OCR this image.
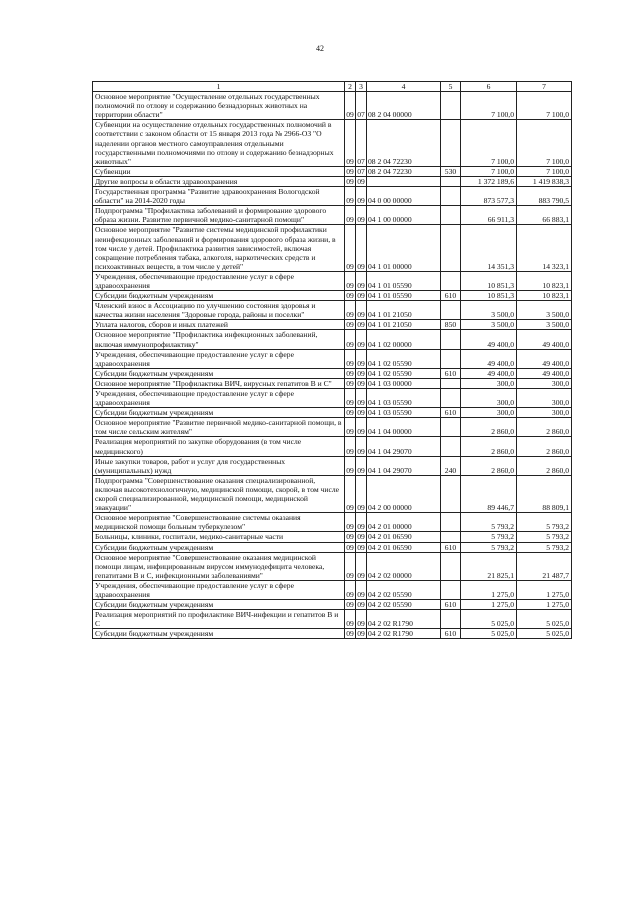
42
1	2	3	4	5	6	7
Основное мероприятие "Осуществление отдельных государственных полномочий по отлову и содержанию безнадзорных животных на территории области"	09	07	08 2 04 00000		7 100,0	7 100,0
Субвенции на осуществление отдельных государственных полномочий в соответствии с законом области от 15 января 2013 года № 2966-ОЗ "О наделении органов местного самоуправления отдельными государственными полномочиями по отлову и содержанию безнадзорных животных"	09	07	08 2 04 72230		7 100,0	7 100,0
Субвенции	09	07	08 2 04 72230	530	7 100,0	7 100,0
Другие вопросы в области здравоохранения	09	09			1 372 189,6	1 419 838,3
Государственная программа "Развитие здравоохранения Вологодской области" на 2014-2020 годы	09	09	04 0 00 00000		873 577,3	883 790,5
Подпрограмма "Профилактика заболеваний и формирование здорового образа жизни. Развитие первичной медико-санитарной помощи"	09	09	04 1 00 00000		66 911,3	66 883,1
Основное мероприятие "Развитие системы медицинской профилактики неинфекционных заболеваний и формирования здорового образа жизни, в том числе у детей. Профилактика развития зависимостей, включая сокращение потребления табака, алкоголя, наркотических средств и психоактивных веществ, в том числе у детей"	09	09	04 1 01 00000		14 351,3	14 323,1
Учреждения, обеспечивающие предоставление услуг в сфере здравоохранения	09	09	04 1 01 05590		10 851,3	10 823,1
Субсидии бюджетным учреждениям	09	09	04 1 01 05590	610	10 851,3	10 823,1
Членский взнос в Ассоциацию по улучшению состояния здоровья и качества жизни населения "Здоровые города, районы и поселки"	09	09	04 1 01 21050		3 500,0	3 500,0
Уплата налогов, сборов и иных платежей	09	09	04 1 01 21050	850	3 500,0	3 500,0
Основное мероприятие "Профилактика инфекционных заболеваний, включая иммунопрофилактику"	09	09	04 1 02 00000		49 400,0	49 400,0
Учреждения, обеспечивающие предоставление услуг в сфере здравоохранения	09	09	04 1 02 05590		49 400,0	49 400,0
Субсидии бюджетным учреждениям	09	09	04 1 02 05590	610	49 400,0	49 400,0
Основное мероприятие "Профилактика ВИЧ, вирусных гепатитов В и С"	09	09	04 1 03 00000		300,0	300,0
Учреждения, обеспечивающие предоставление услуг в сфере здравоохранения	09	09	04 1 03 05590		300,0	300,0
Субсидии бюджетным учреждениям	09	09	04 1 03 05590	610	300,0	300,0
Основное мероприятие "Развитие первичной медико-санитарной помощи, в том числе сельским жителям"	09	09	04 1 04 00000		2 860,0	2 860,0
Реализация мероприятий по закупке оборудования (в том числе медицинского)	09	09	04 1 04 29070		2 860,0	2 860,0
Иные закупки товаров, работ и услуг для государственных (муниципальных) нужд	09	09	04 1 04 29070	240	2 860,0	2 860,0
Подпрограмма "Совершенствование оказания специализированной, включая высокотехнологичную, медицинской помощи, скорой, в том числе скорой специализированной, медицинской помощи, медицинской эвакуации"	09	09	04 2 00 00000		89 446,7	88 809,1
Основное мероприятие "Совершенствование системы оказания медицинской помощи больным туберкулезом"	09	09	04 2 01 00000		5 793,2	5 793,2
Больницы, клиники, госпитали, медико-санитарные части	09	09	04 2 01 06590		5 793,2	5 793,2
Субсидии бюджетным учреждениям	09	09	04 2 01 06590	610	5 793,2	5 793,2
Основное мероприятие "Совершенствование оказания медицинской помощи лицам, инфицированным вирусом иммунодефицита человека, гепатитами В и С, инфекционными заболеваниями"	09	09	04 2 02 00000		21 825,1	21 487,7
Учреждения, обеспечивающие предоставление услуг в сфере здравоохранения	09	09	04 2 02 05590		1 275,0	1 275,0
Субсидии бюджетным учреждениям	09	09	04 2 02 05590	610	1 275,0	1 275,0
Реализация мероприятий по профилактике ВИЧ-инфекции и гепатитов В и С	09	09	04 2 02 R1790		5 025,0	5 025,0
Субсидии бюджетным учреждениям	09	09	04 2 02 R1790	610	5 025,0	5 025,0
